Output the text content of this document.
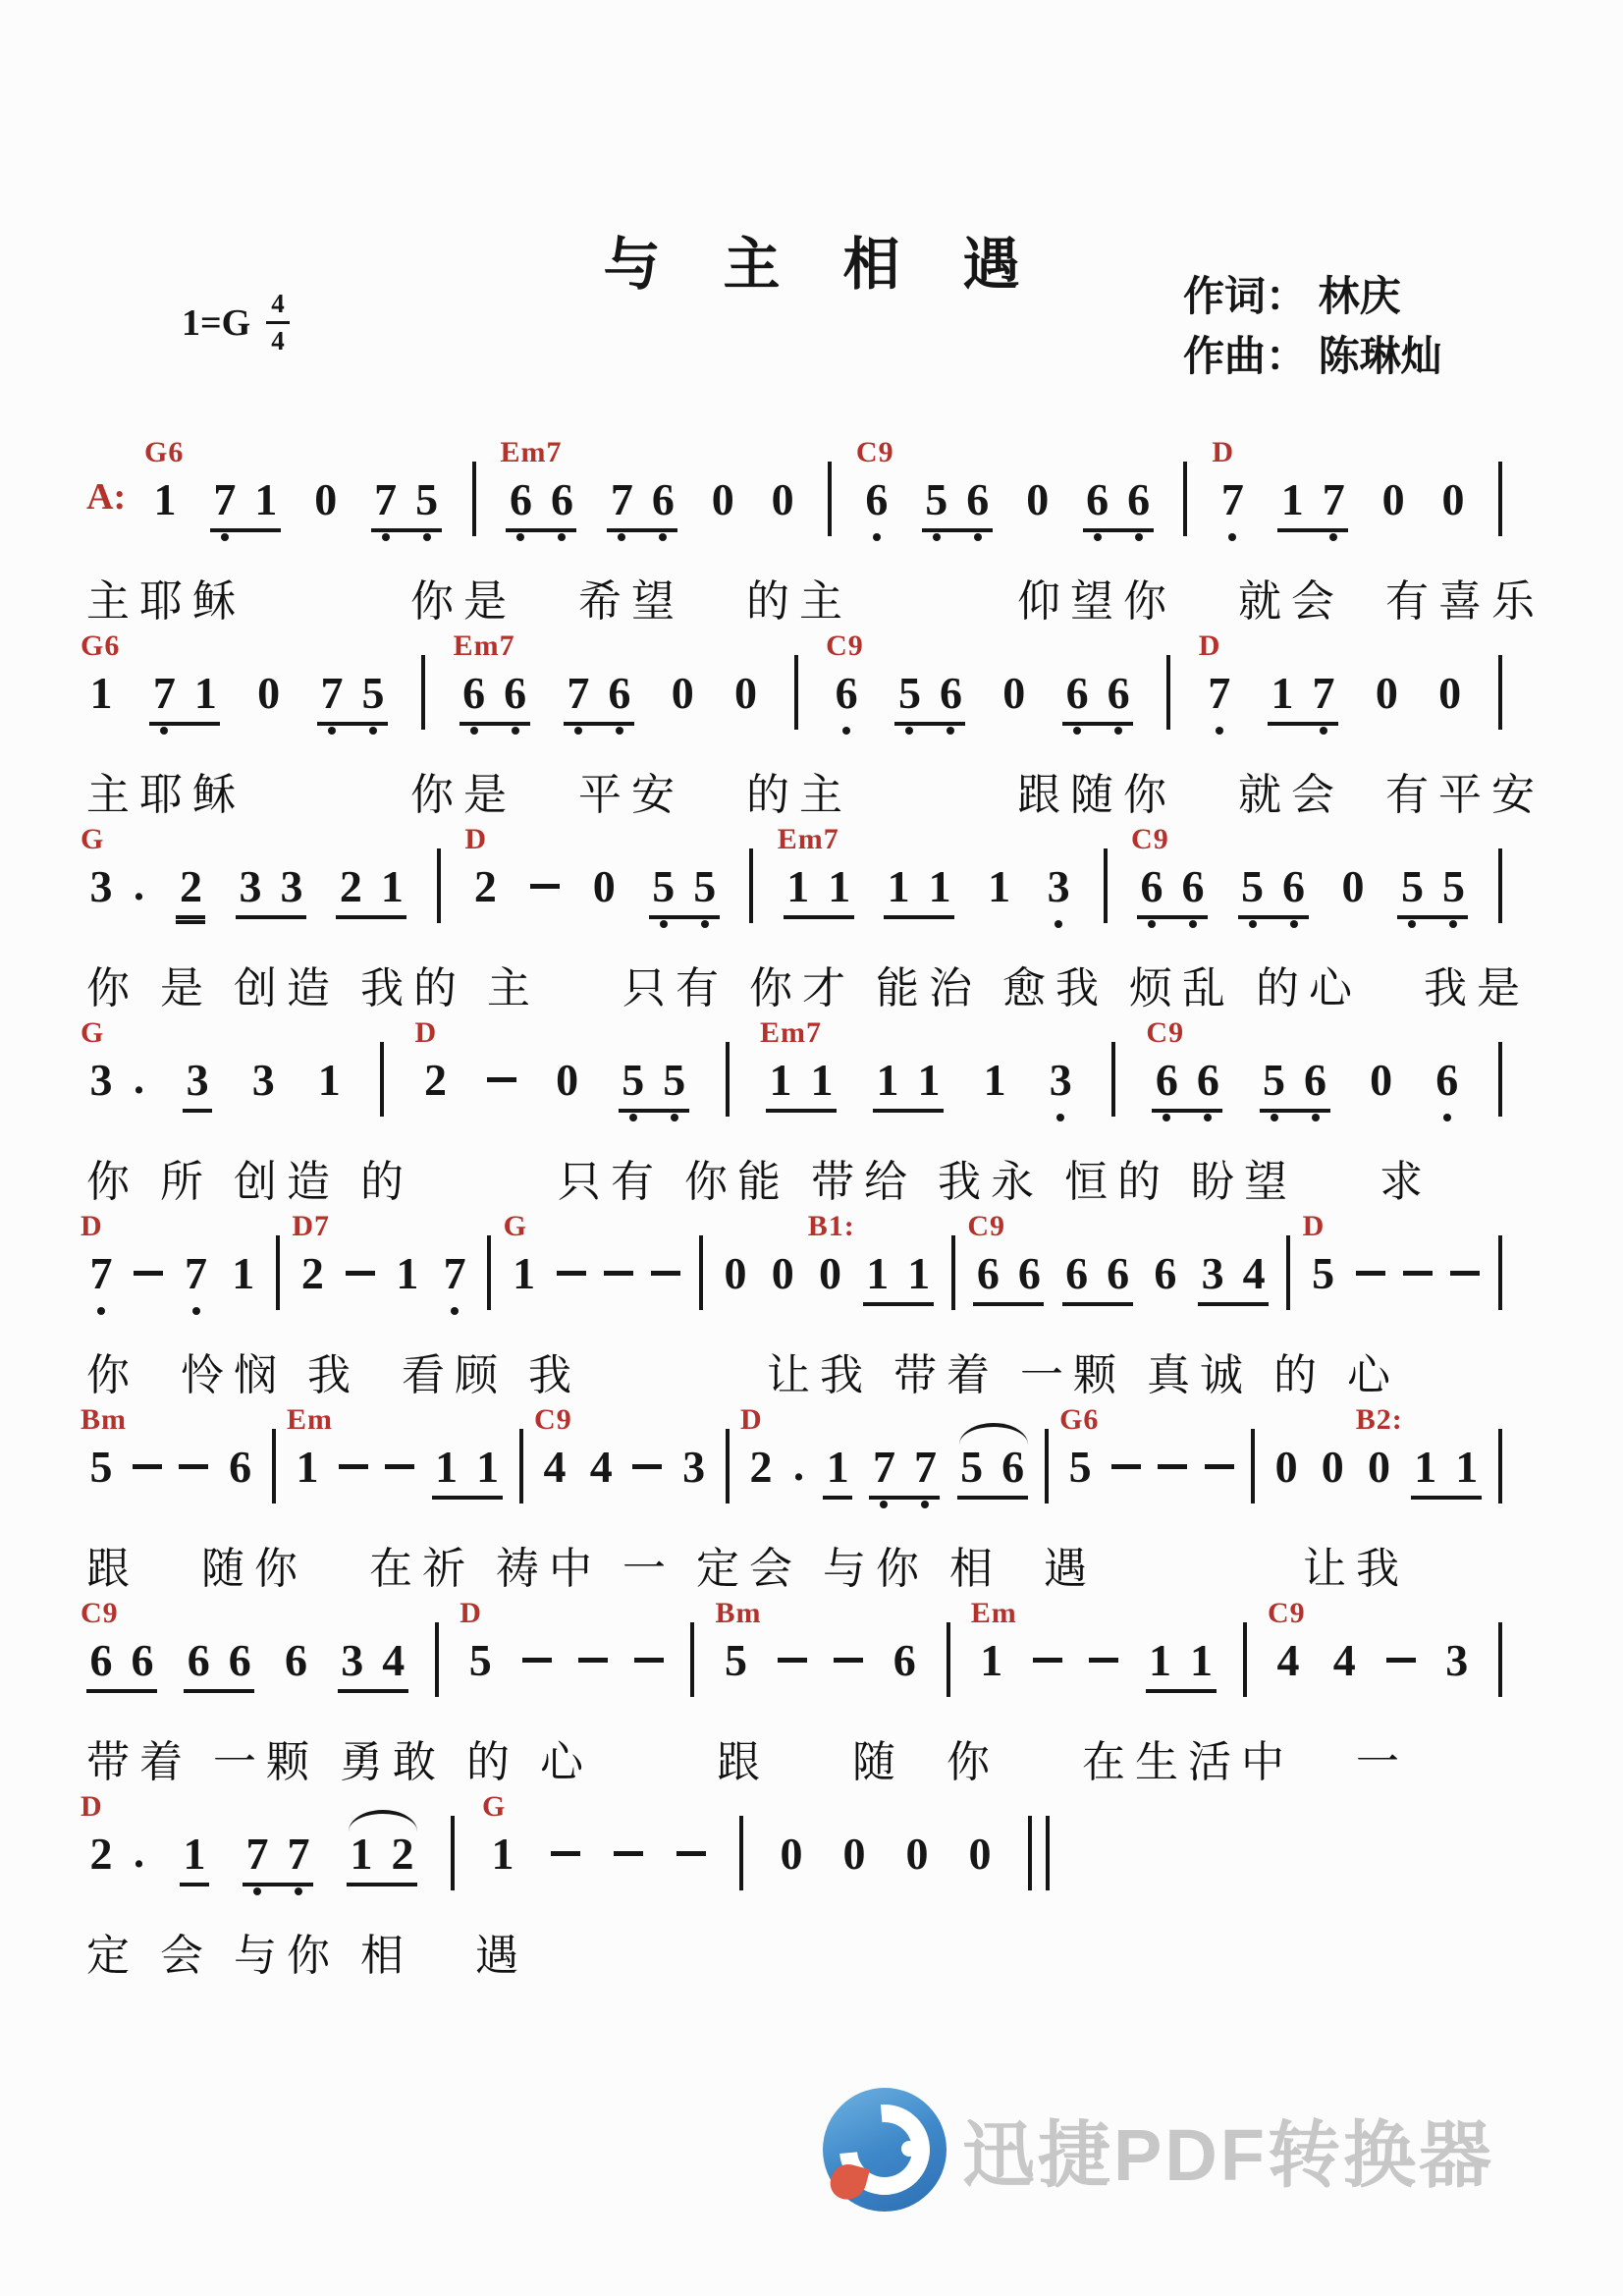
与主相遇	作词： 林庆
作曲： 陈琳灿
$1=G \frac{4}{4}$
A:
G6
1 7 1 0 7 5
Em7
6 6 7 6 0 0
C9
6 5 6 0 6 6
D
7 1 7 0 0
主耶稣        你是   希望   的主        仰望你   就会  有喜乐
G6
1 7 1 0 7 5
Em7
6 6 7 6 0 0
C9
6 5 6 0 6 6
D
7 1 7 0 0
主耶稣        你是   平安   的主        跟随你   就会  有平安
G
3 . 2 3 3 2 1
D
2 0 5 5
Em7
1 1 1 1 1 3
C9
6 6 5 6 0 5 5
你 是 创造 我的 主    只有 你才 能治 愈我 烦乱 的心   我是
G
3 . 3 3 1
D
2 0 5 5
Em7
1 1 1 1 1 3
C9
6 6 5 6 0 6
你 所 创造 的       只有 你能 带给 我永 恒的 盼望    求
D
7 7 1
D7
2 1 7
G
1	0 0 0
B1:
1 1
C9
6 6 6 6 6 3 4
D
5
你  怜悯 我  看顾 我         让我 带着 一颗 真诚 的 心
Bm
5	6
Em
1	1 1
C9
4 4 3
D
2 . 1 7 7 5 6
G6
5	0 0 0
B2:
1 1
跟   随你   在祈 祷中 一 定会 与你 相  遇          让我
C9
6 6 6 6 6 3 4
D
5
Bm
5	6
Em
1	1 1
C9
4 4 3
带着 一颗 勇敢 的 心      跟    随  你    在生活中   一
D
2 . 1 7 7 1 2
G
1	0 0 0 0
定 会 与你 相   遇
迅捷PDF转换器
